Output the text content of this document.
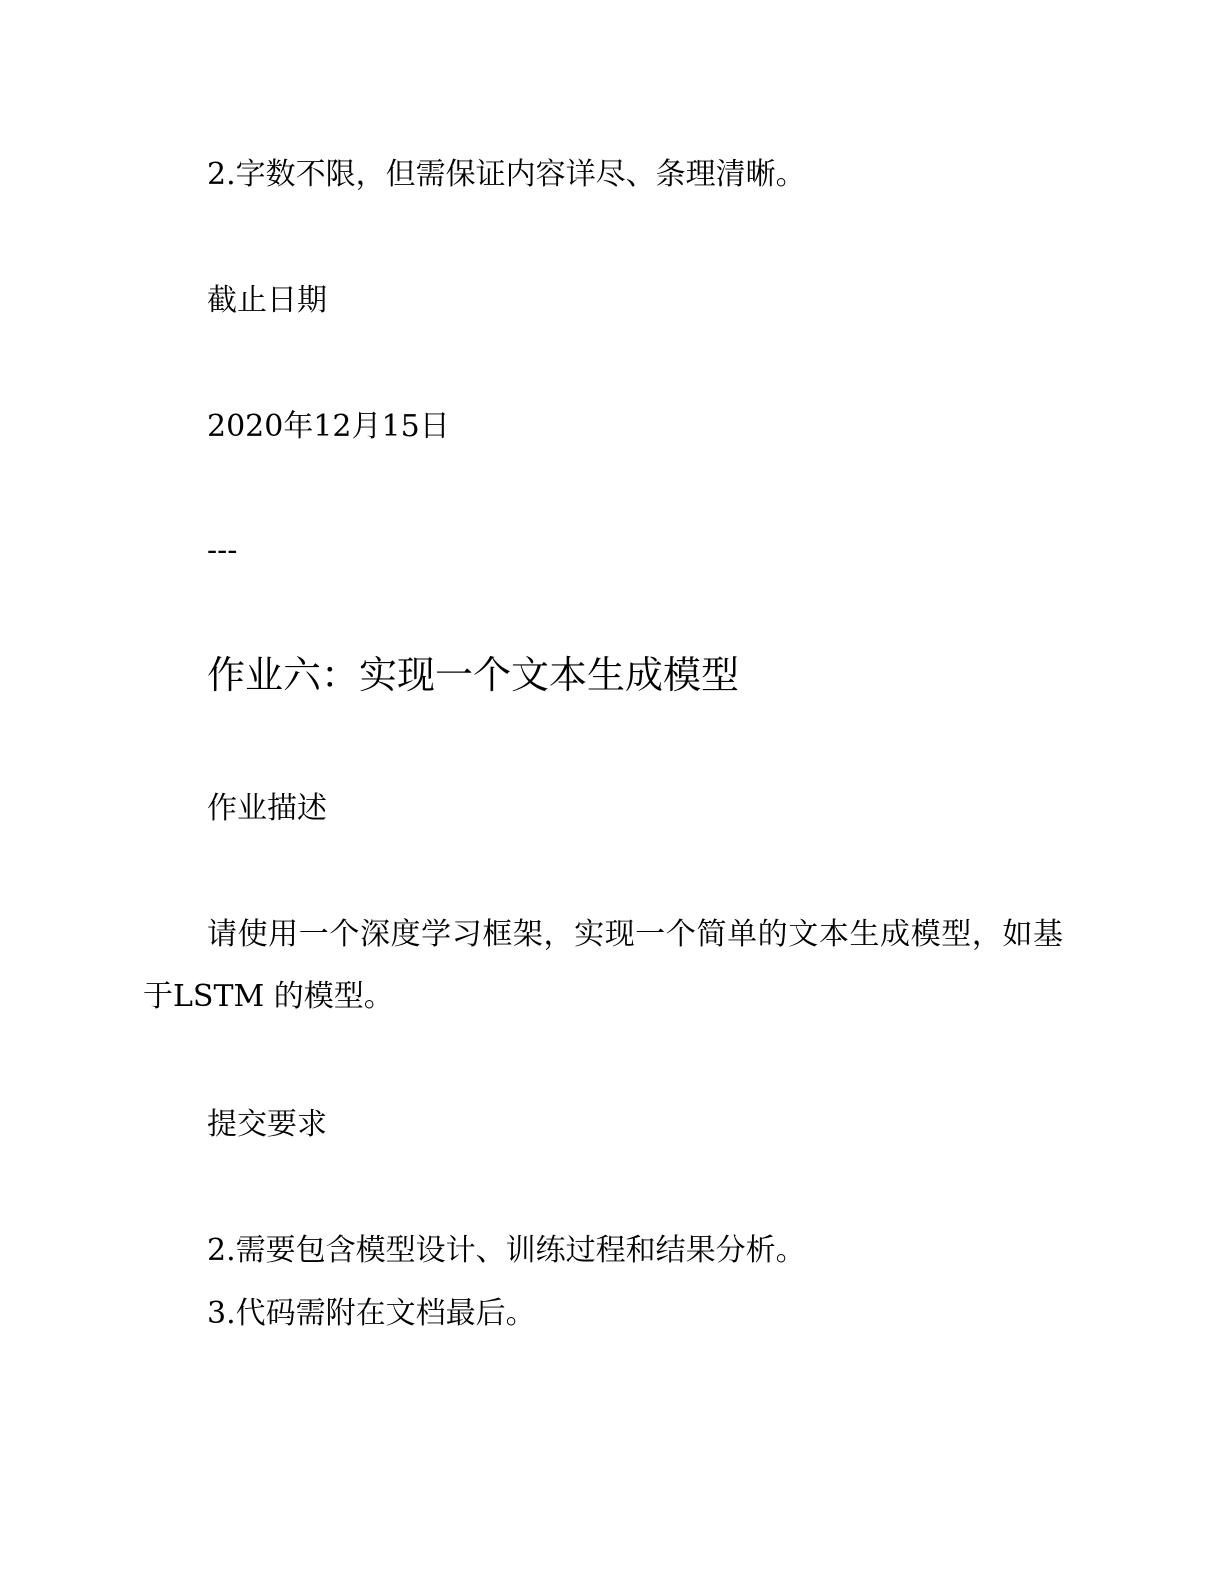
2.字数不限，但需保证内容详尽、条理清晰。
截止日期
2020年12月15日
---
作业六：实现一个文本生成模型
作业描述
请使用一个深度学习框架，实现一个简单的文本生成模型，如基于LSTM 的模型。
提交要求
2.需要包含模型设计、训练过程和结果分析。
3.代码需附在文档最后。
